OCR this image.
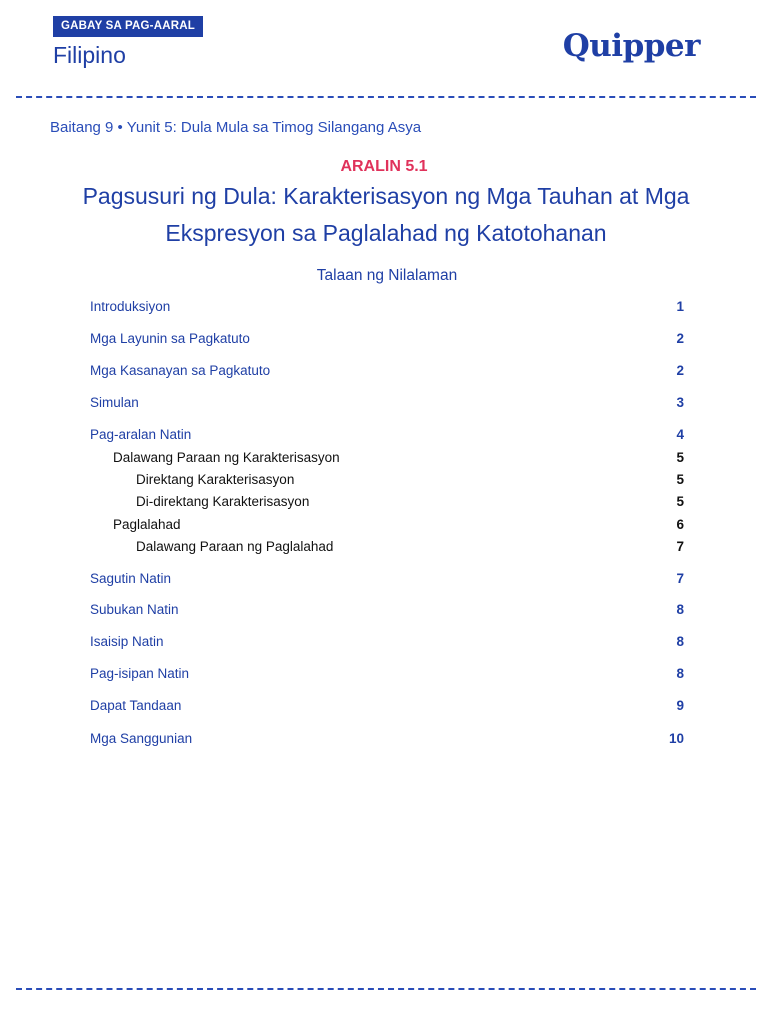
GABAY SA PAG-AARAL
Filipino	Quipper
Baitang 9 • Yunit 5: Dula Mula sa Timog Silangang Asya
ARALIN 5.1
Pagsusuri ng Dula: Karakterisasyon ng Mga Tauhan at Mga Ekspresyon sa Paglalahad ng Katotohanan
Talaan ng Nilalaman
Introduksiyon	1
Mga Layunin sa Pagkatuto	2
Mga Kasanayan sa Pagkatuto	2
Simulan	3
Pag-aralan Natin	4
Dalawang Paraan ng Karakterisasyon	5
Direktang Karakterisasyon	5
Di-direktang Karakterisasyon	5
Paglalahad	6
Dalawang Paraan ng Paglalahad	7
Sagutin Natin	7
Subukan Natin	8
Isaisip Natin	8
Pag-isipan Natin	8
Dapat Tandaan	9
Mga Sanggunian	10
